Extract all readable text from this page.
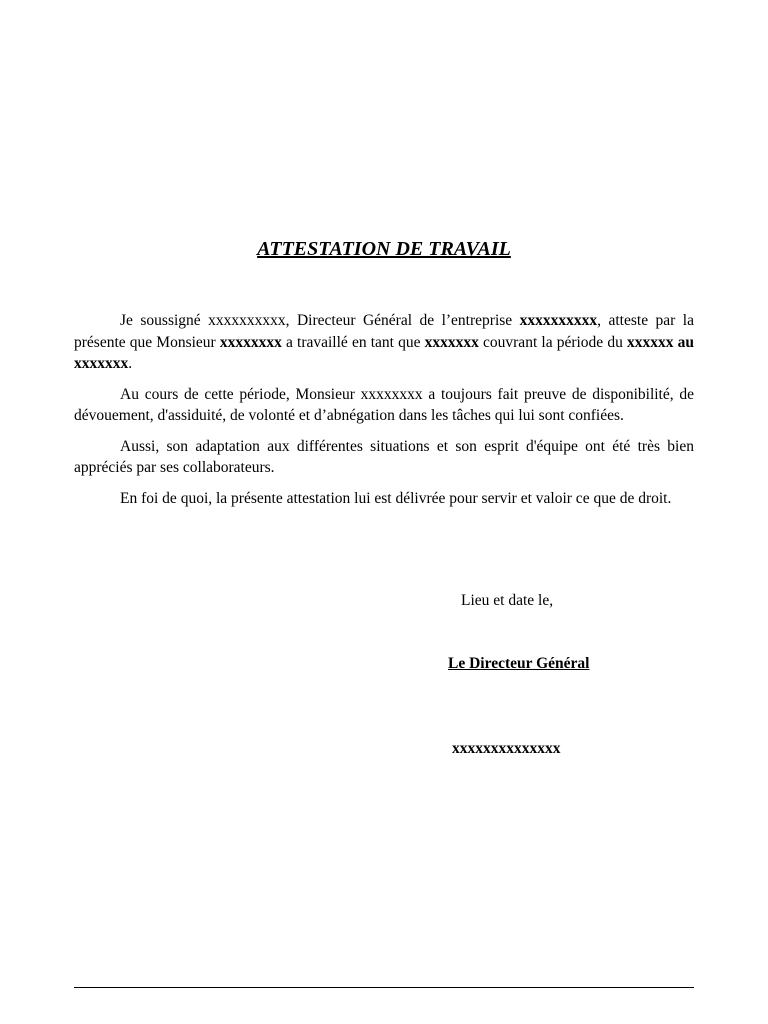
ATTESTATION DE TRAVAIL

Je soussigné xxxxxxxxxx, Directeur Général de l’entreprise xxxxxxxxxx, atteste par la présente que Monsieur xxxxxxxx a travaillé en tant que xxxxxxx couvrant la période du xxxxxx au xxxxxxx.

Au cours de cette période, Monsieur xxxxxxxx a toujours fait preuve de disponibilité, de dévouement, d'assiduité, de volonté et d’abnégation dans les tâches qui lui sont confiées.

Aussi, son adaptation aux différentes situations et son esprit d'équipe ont été très bien appréciés par ses collaborateurs.

En foi de quoi, la présente attestation lui est délivrée pour servir et valoir ce que de droit.

Lieu et date le,
Le Directeur Général
xxxxxxxxxxxxxx
